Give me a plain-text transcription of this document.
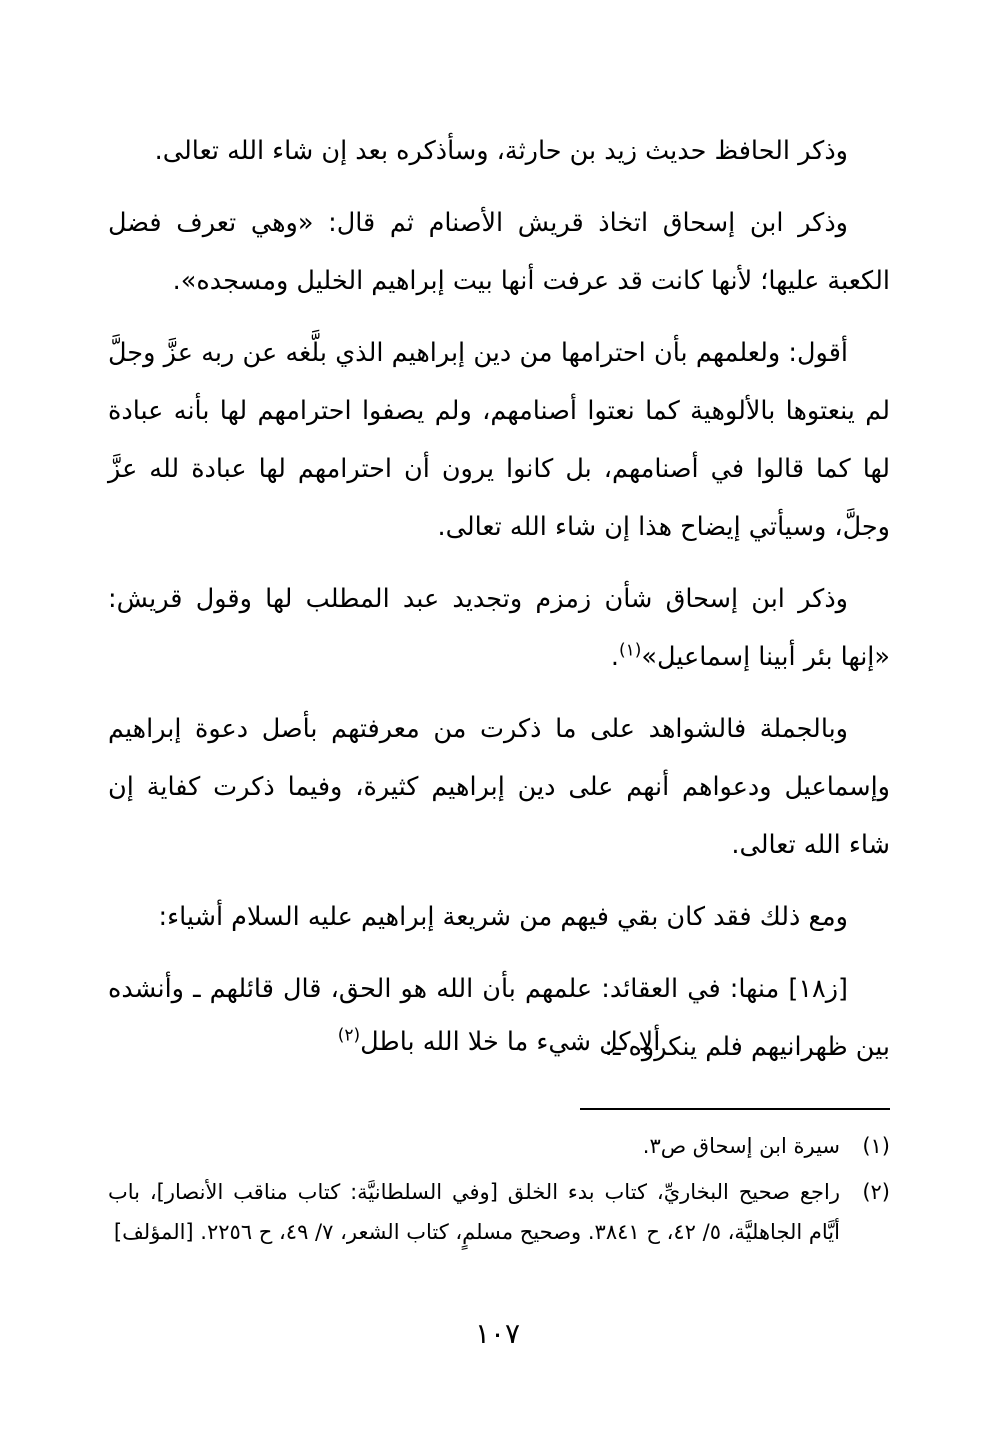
وذكر الحافظ حديث زيد بن حارثة، وسأذكره بعد إن شاء الله تعالى.

وذكر ابن إسحاق اتخاذ قريش الأصنام ثم قال: «وهي تعرف فضل الكعبة عليها؛ لأنها كانت قد عرفت أنها بيت إبراهيم الخليل ومسجده».

أقول: ولعلمهم بأن احترامها من دين إبراهيم الذي بلَّغه عن ربه عزَّ وجلَّ لم ينعتوها بالألوهية كما نعتوا أصنامهم، ولم يصفوا احترامهم لها بأنه عبادة لها كما قالوا في أصنامهم، بل كانوا يرون أن احترامهم لها عبادة لله عزَّ وجلَّ، وسيأتي إيضاح هذا إن شاء الله تعالى.

وذكر ابن إسحاق شأن زمزم وتجديد عبد المطلب لها وقول قريش: «إنها بئر أبينا إسماعيل»$^{(١)}$.

وبالجملة فالشواهد على ما ذكرت من معرفتهم بأصل دعوة إبراهيم وإسماعيل ودعواهم أنهم على دين إبراهيم كثيرة، وفيما ذكرت كفاية إن شاء الله تعالى.

ومع ذلك فقد كان بقي فيهم من شريعة إبراهيم عليه السلام أشياء:

[ز١٨] منها: في العقائد: علمهم بأن الله هو الحق، قال قائلهم ـ وأنشده بين ظهرانيهم فلم ينكروه ـ:

ألا كل شيء ما خلا الله باطل$^{(٢)}$

(١)
سيرة ابن إسحاق ص٣.

(٢)
راجع صحيح البخاريِّ، كتاب بدء الخلق [وفي السلطانيَّة: كتاب مناقب الأنصار]، باب أيَّام الجاهليَّة، ٥/ ٤٢، ح ٣٨٤١. وصحيح مسلمٍ، كتاب الشعر، ٧/ ٤٩، ح ٢٢٥٦. [المؤلف]

١٠٧
